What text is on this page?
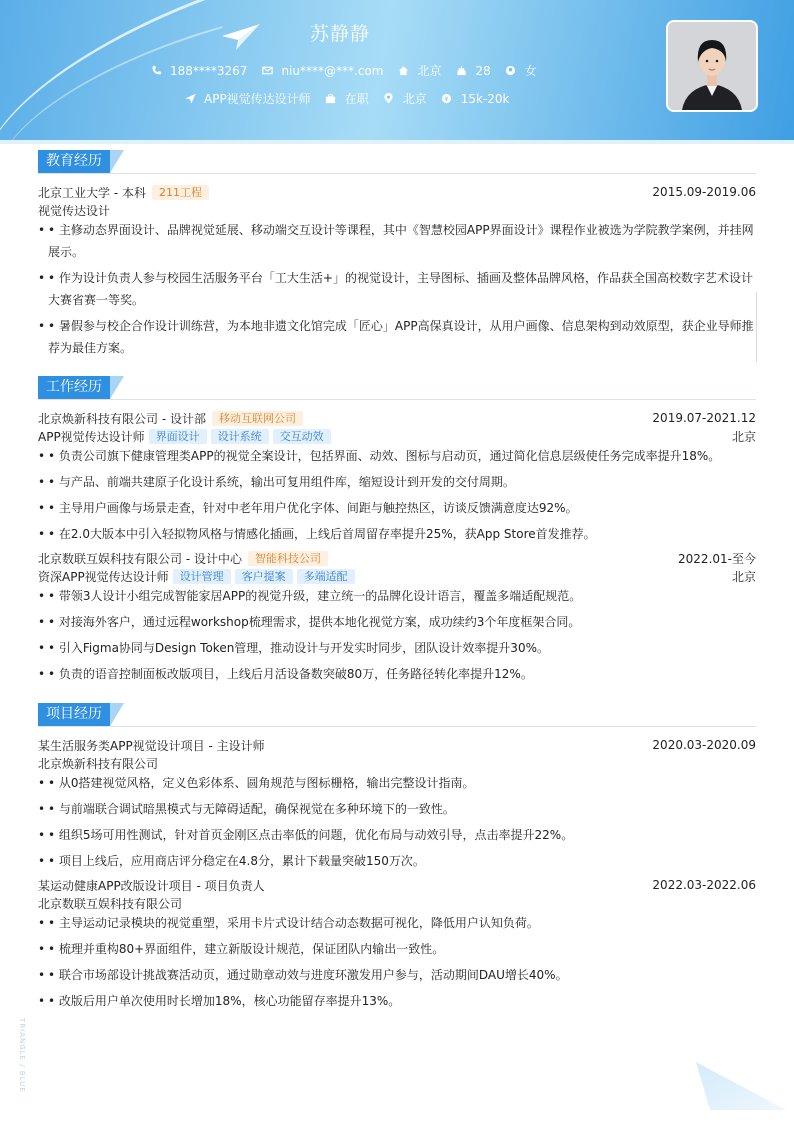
苏静静
188****3267	niu****@***.com	北京	28	女
APP视觉传达设计师	在职	北京	¥ 15k-20k
教育经历
北京工业大学 - 本科	211工程	2015.09-2019.06
视觉传达设计
• • 主修动态界面设计、品牌视觉延展、移动端交互设计等课程，其中《智慧校园APP界面设计》课程作业被选为学院教学案例，并挂网展示。
• • 作为设计负责人参与校园生活服务平台「工大生活+」的视觉设计，主导图标、插画及整体品牌风格，作品获全国高校数字艺术设计大赛省赛一等奖。
• • 暑假参与校企合作设计训练营，为本地非遗文化馆完成「匠心」APP高保真设计，从用户画像、信息架构到动效原型，获企业导师推荐为最佳方案。
工作经历
北京焕新科技有限公司 - 设计部	移动互联网公司	2019.07-2021.12
APP视觉传达设计师	界面设计	设计系统	交互动效	北京
• • 负责公司旗下健康管理类APP的视觉全案设计，包括界面、动效、图标与启动页，通过简化信息层级使任务完成率提升18%。
• • 与产品、前端共建原子化设计系统，输出可复用组件库，缩短设计到开发的交付周期。
• • 主导用户画像与场景走查，针对中老年用户优化字体、间距与触控热区，访谈反馈满意度达92%。
• • 在2.0大版本中引入轻拟物风格与情感化插画，上线后首周留存率提升25%，获App Store首发推荐。
北京数联互娱科技有限公司 - 设计中心	智能科技公司	2022.01-至今
资深APP视觉传达设计师	设计管理	客户提案	多端适配	北京
• • 带领3人设计小组完成智能家居APP的视觉升级，建立统一的品牌化设计语言，覆盖多端适配规范。
• • 对接海外客户，通过远程workshop梳理需求，提供本地化视觉方案，成功续约3个年度框架合同。
• • 引入Figma协同与Design Token管理，推动设计与开发实时同步，团队设计效率提升30%。
• • 负责的语音控制面板改版项目，上线后月活设备数突破80万，任务路径转化率提升12%。
项目经历
某生活服务类APP视觉设计项目 - 主设计师	2020.03-2020.09
北京焕新科技有限公司
• • 从0搭建视觉风格，定义色彩体系、圆角规范与图标栅格，输出完整设计指南。
• • 与前端联合调试暗黑模式与无障碍适配，确保视觉在多种环境下的一致性。
• • 组织5场可用性测试，针对首页金刚区点击率低的问题，优化布局与动效引导，点击率提升22%。
• • 项目上线后，应用商店评分稳定在4.8分，累计下载量突破150万次。
某运动健康APP改版设计项目 - 项目负责人	2022.03-2022.06
北京数联互娱科技有限公司
• • 主导运动记录模块的视觉重塑，采用卡片式设计结合动态数据可视化，降低用户认知负荷。
• • 梳理并重构80+界面组件，建立新版设计规范，保证团队内输出一致性。
• • 联合市场部设计挑战赛活动页，通过勋章动效与进度环激发用户参与，活动期间DAU增长40%。
• • 改版后用户单次使用时长增加18%，核心功能留存率提升13%。
TRIANGLE / BLUE
